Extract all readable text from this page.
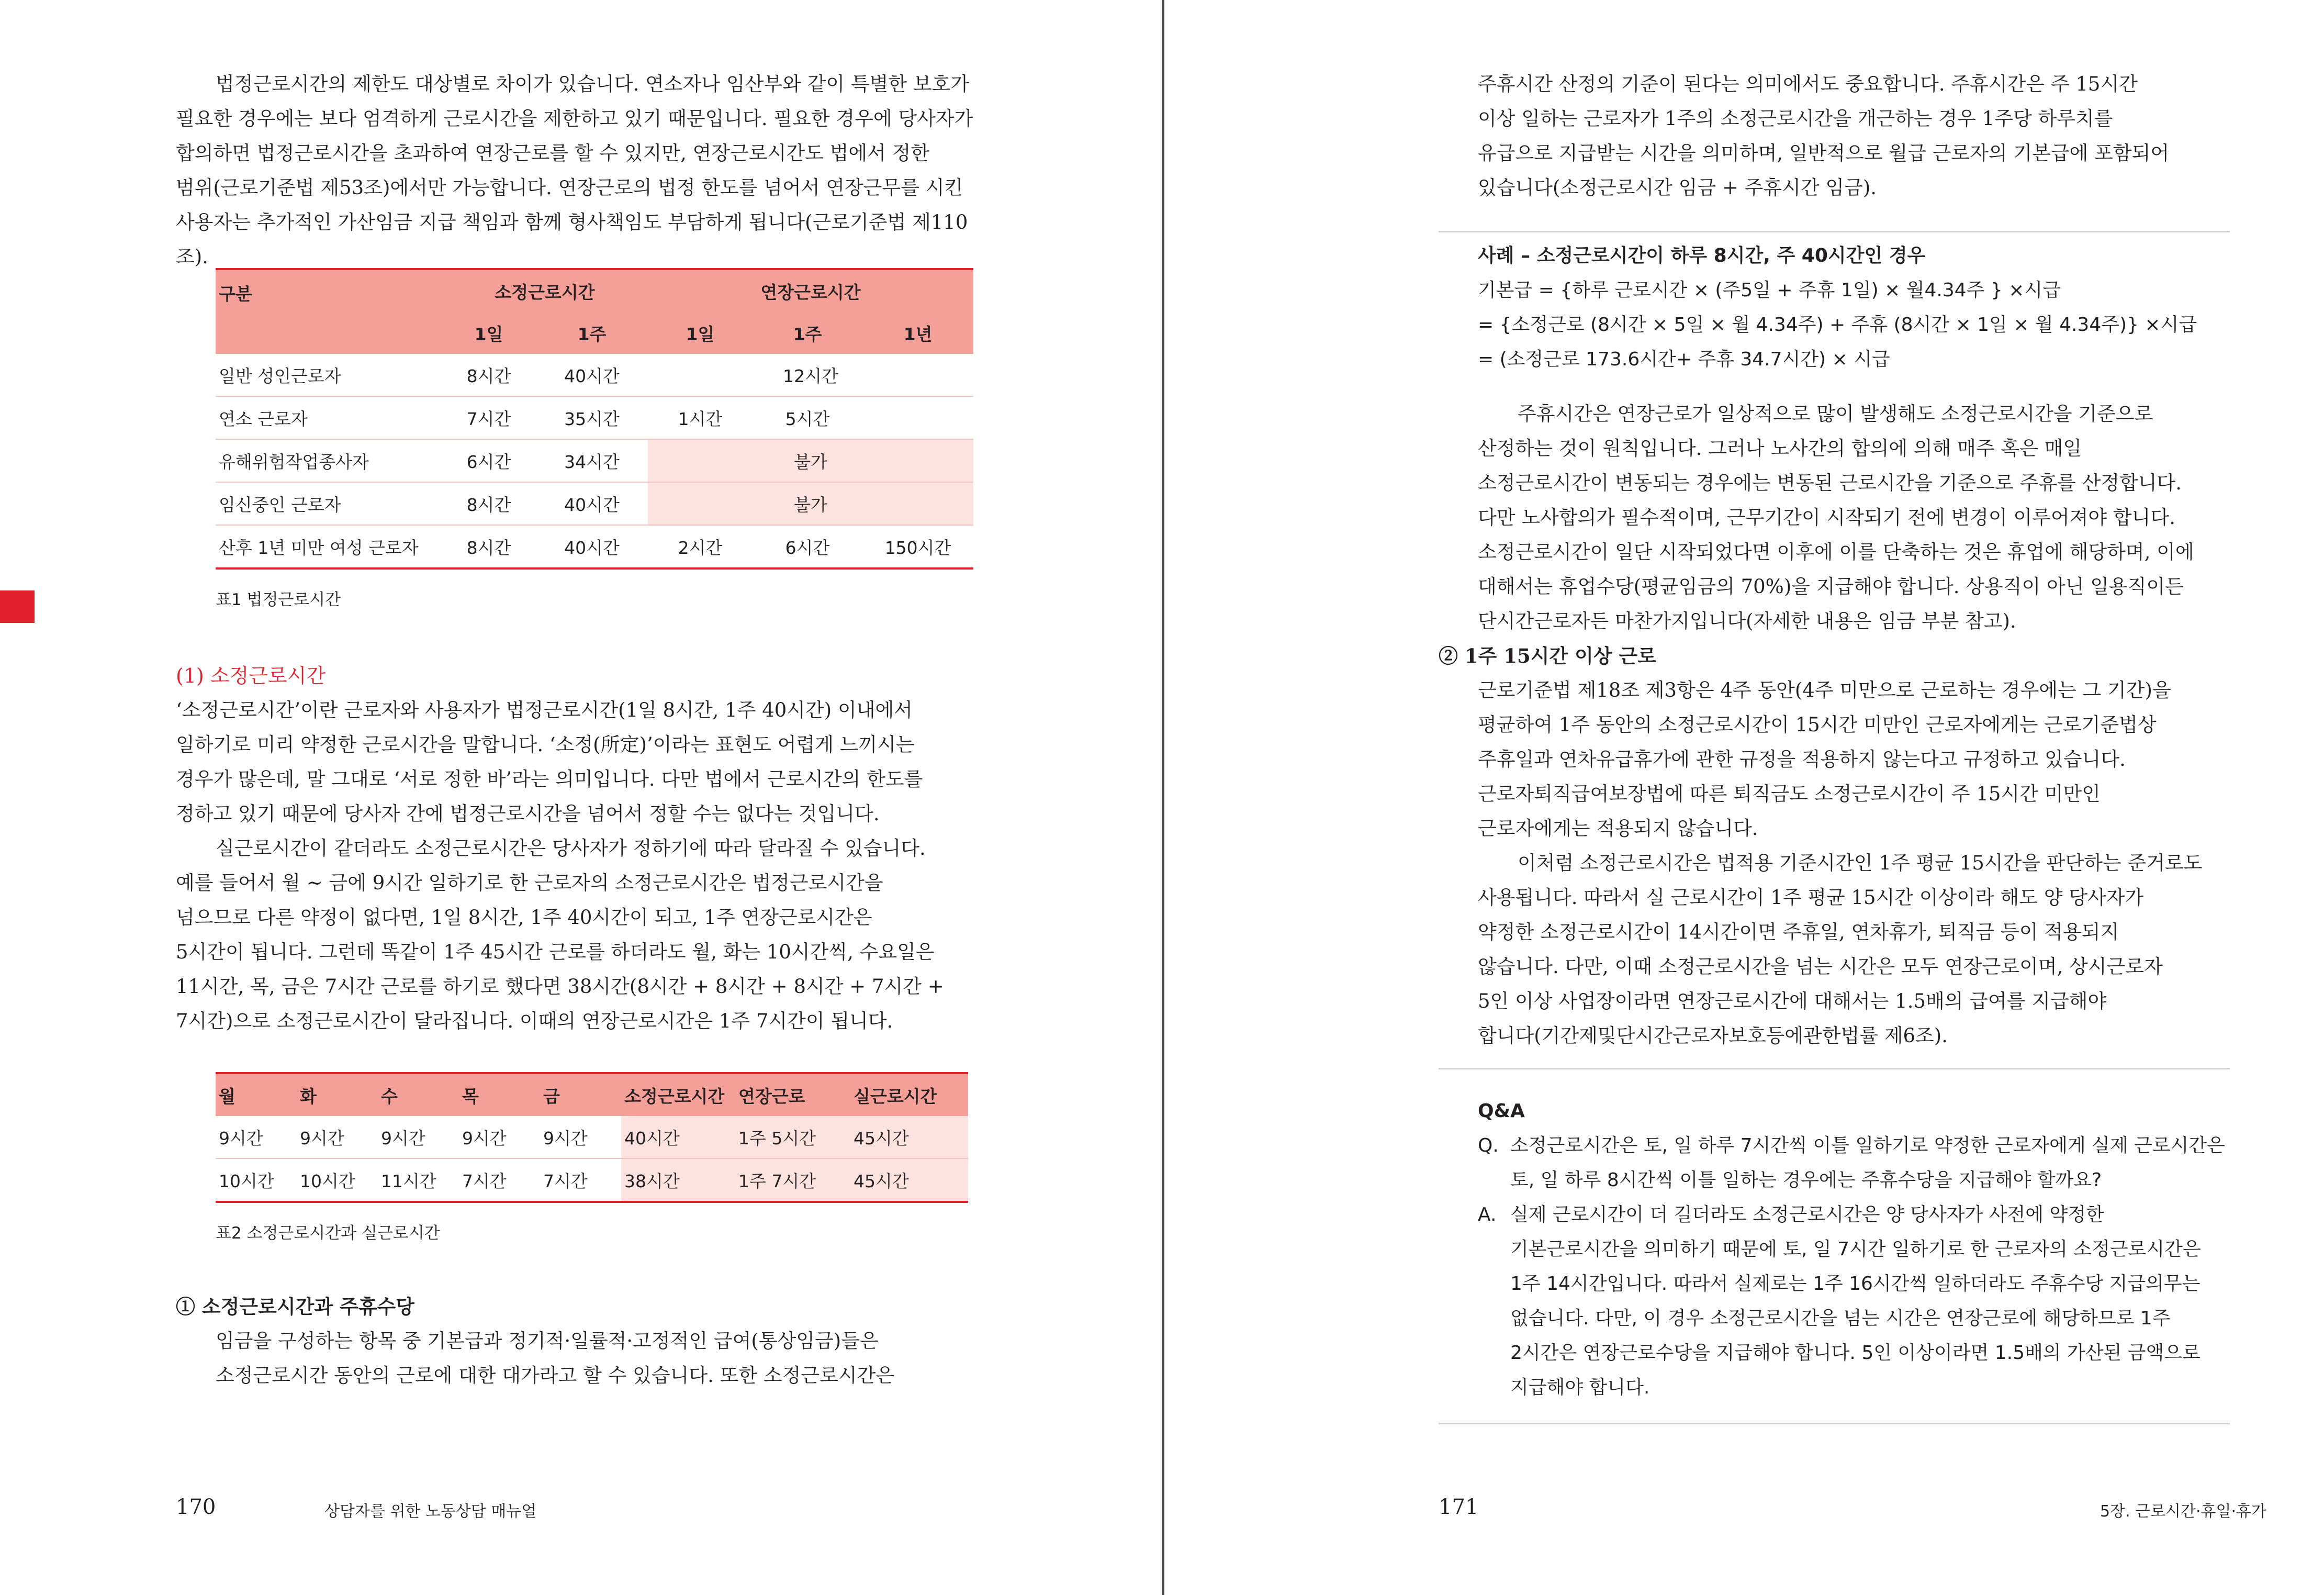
법정근로시간의 제한도 대상별로 차이가 있습니다. 연소자나 임산부와 같이 특별한 보호가

필요한 경우에는 보다 엄격하게 근로시간을 제한하고 있기 때문입니다. 필요한 경우에 당사자가

합의하면 법정근로시간을 초과하여 연장근로를 할 수 있지만, 연장근로시간도 법에서 정한

범위(근로기준법 제53조)에서만 가능합니다. 연장근로의 법정 한도를 넘어서 연장근무를 시킨

사용자는 추가적인 가산임금 지급 책임과 함께 형사책임도 부담하게 됩니다(근로기준법 제110조).

구분	소정근로시간		연장근로시간		
	1일	1주	1일	1주	1년
일반 성인근로자	8시간	40시간	12시간		
연소 근로자	7시간	35시간	1시간	5시간	
유해위험작업종사자	6시간	34시간	불가		
임신중인 근로자	8시간	40시간	불가		
산후 1년 미만 여성 근로자	8시간	40시간	2시간	6시간	150시간

표1 법정근로시간

(1) 소정근로시간

‘소정근로시간’이란 근로자와 사용자가 법정근로시간(1일 8시간, 1주 40시간) 이내에서

일하기로 미리 약정한 근로시간을 말합니다. ‘소정(所定)’이라는 표현도 어렵게 느끼시는

경우가 많은데, 말 그대로 ‘서로 정한 바’라는 의미입니다. 다만 법에서 근로시간의 한도를

정하고 있기 때문에 당사자 간에 법정근로시간을 넘어서 정할 수는 없다는 것입니다.

실근로시간이 같더라도 소정근로시간은 당사자가 정하기에 따라 달라질 수 있습니다.

예를 들어서 월 ~ 금에 9시간 일하기로 한 근로자의 소정근로시간은 법정근로시간을

넘으므로 다른 약정이 없다면, 1일 8시간, 1주 40시간이 되고, 1주 연장근로시간은

5시간이 됩니다. 그런데 똑같이 1주 45시간 근로를 하더라도 월, 화는 10시간씩, 수요일은

11시간, 목, 금은 7시간 근로를 하기로 했다면 38시간(8시간 + 8시간 + 8시간 + 7시간 +

7시간)으로 소정근로시간이 달라집니다. 이때의 연장근로시간은 1주 7시간이 됩니다.

월	화	수	목	금	소정근로시간	연장근로	실근로시간
9시간	9시간	9시간	9시간	9시간	40시간	1주 5시간	45시간
10시간	10시간	11시간	7시간	7시간	38시간	1주 7시간	45시간

표2 소정근로시간과 실근로시간

① 소정근로시간과 주휴수당

임금을 구성하는 항목 중 기본급과 정기적·일률적·고정적인 급여(통상임금)들은

소정근로시간 동안의 근로에 대한 대가라고 할 수 있습니다. 또한 소정근로시간은

170	상담자를 위한 노동상담 매뉴얼

주휴시간 산정의 기준이 된다는 의미에서도 중요합니다. 주휴시간은 주 15시간

이상 일하는 근로자가 1주의 소정근로시간을 개근하는 경우 1주당 하루치를

유급으로 지급받는 시간을 의미하며, 일반적으로 월급 근로자의 기본급에 포함되어

있습니다(소정근로시간 임금 + 주휴시간 임금).

사례 – 소정근로시간이 하루 8시간, 주 40시간인 경우

기본급 = {하루 근로시간 × (주5일 + 주휴 1일) × 월4.34주 } ×시급

= {소정근로 (8시간 × 5일 × 월 4.34주) + 주휴 (8시간 × 1일 × 월 4.34주)} ×시급

= (소정근로 173.6시간+ 주휴 34.7시간) × 시급

주휴시간은 연장근로가 일상적으로 많이 발생해도 소정근로시간을 기준으로

산정하는 것이 원칙입니다. 그러나 노사간의 합의에 의해 매주 혹은 매일

소정근로시간이 변동되는 경우에는 변동된 근로시간을 기준으로 주휴를 산정합니다.

다만 노사합의가 필수적이며, 근무기간이 시작되기 전에 변경이 이루어져야 합니다.

소정근로시간이 일단 시작되었다면 이후에 이를 단축하는 것은 휴업에 해당하며, 이에

대해서는 휴업수당(평균임금의 70%)을 지급해야 합니다. 상용직이 아닌 일용직이든

단시간근로자든 마찬가지입니다(자세한 내용은 임금 부분 참고).

② 1주 15시간 이상 근로

근로기준법 제18조 제3항은 4주 동안(4주 미만으로 근로하는 경우에는 그 기간)을

평균하여 1주 동안의 소정근로시간이 15시간 미만인 근로자에게는 근로기준법상

주휴일과 연차유급휴가에 관한 규정을 적용하지 않는다고 규정하고 있습니다.

근로자퇴직급여보장법에 따른 퇴직금도 소정근로시간이 주 15시간 미만인

근로자에게는 적용되지 않습니다.

이처럼 소정근로시간은 법적용 기준시간인 1주 평균 15시간을 판단하는 준거로도

사용됩니다. 따라서 실 근로시간이 1주 평균 15시간 이상이라 해도 양 당사자가

약정한 소정근로시간이 14시간이면 주휴일, 연차휴가, 퇴직금 등이 적용되지

않습니다. 다만, 이때 소정근로시간을 넘는 시간은 모두 연장근로이며, 상시근로자

5인 이상 사업장이라면 연장근로시간에 대해서는 1.5배의 급여를 지급해야

합니다(기간제및단시간근로자보호등에관한법률 제6조).

Q&A
Q. 소정근로시간은 토, 일 하루 7시간씩 이틀 일하기로 약정한 근로자에게 실제 근로시간은
토, 일 하루 8시간씩 이틀 일하는 경우에는 주휴수당을 지급해야 할까요?
A. 실제 근로시간이 더 길더라도 소정근로시간은 양 당사자가 사전에 약정한
기본근로시간을 의미하기 때문에 토, 일 7시간 일하기로 한 근로자의 소정근로시간은
1주 14시간입니다. 따라서 실제로는 1주 16시간씩 일하더라도 주휴수당 지급의무는
없습니다. 다만, 이 경우 소정근로시간을 넘는 시간은 연장근로에 해당하므로 1주
2시간은 연장근로수당을 지급해야 합니다. 5인 이상이라면 1.5배의 가산된 금액으로
지급해야 합니다.
171	5장. 근로시간·휴일·휴가
